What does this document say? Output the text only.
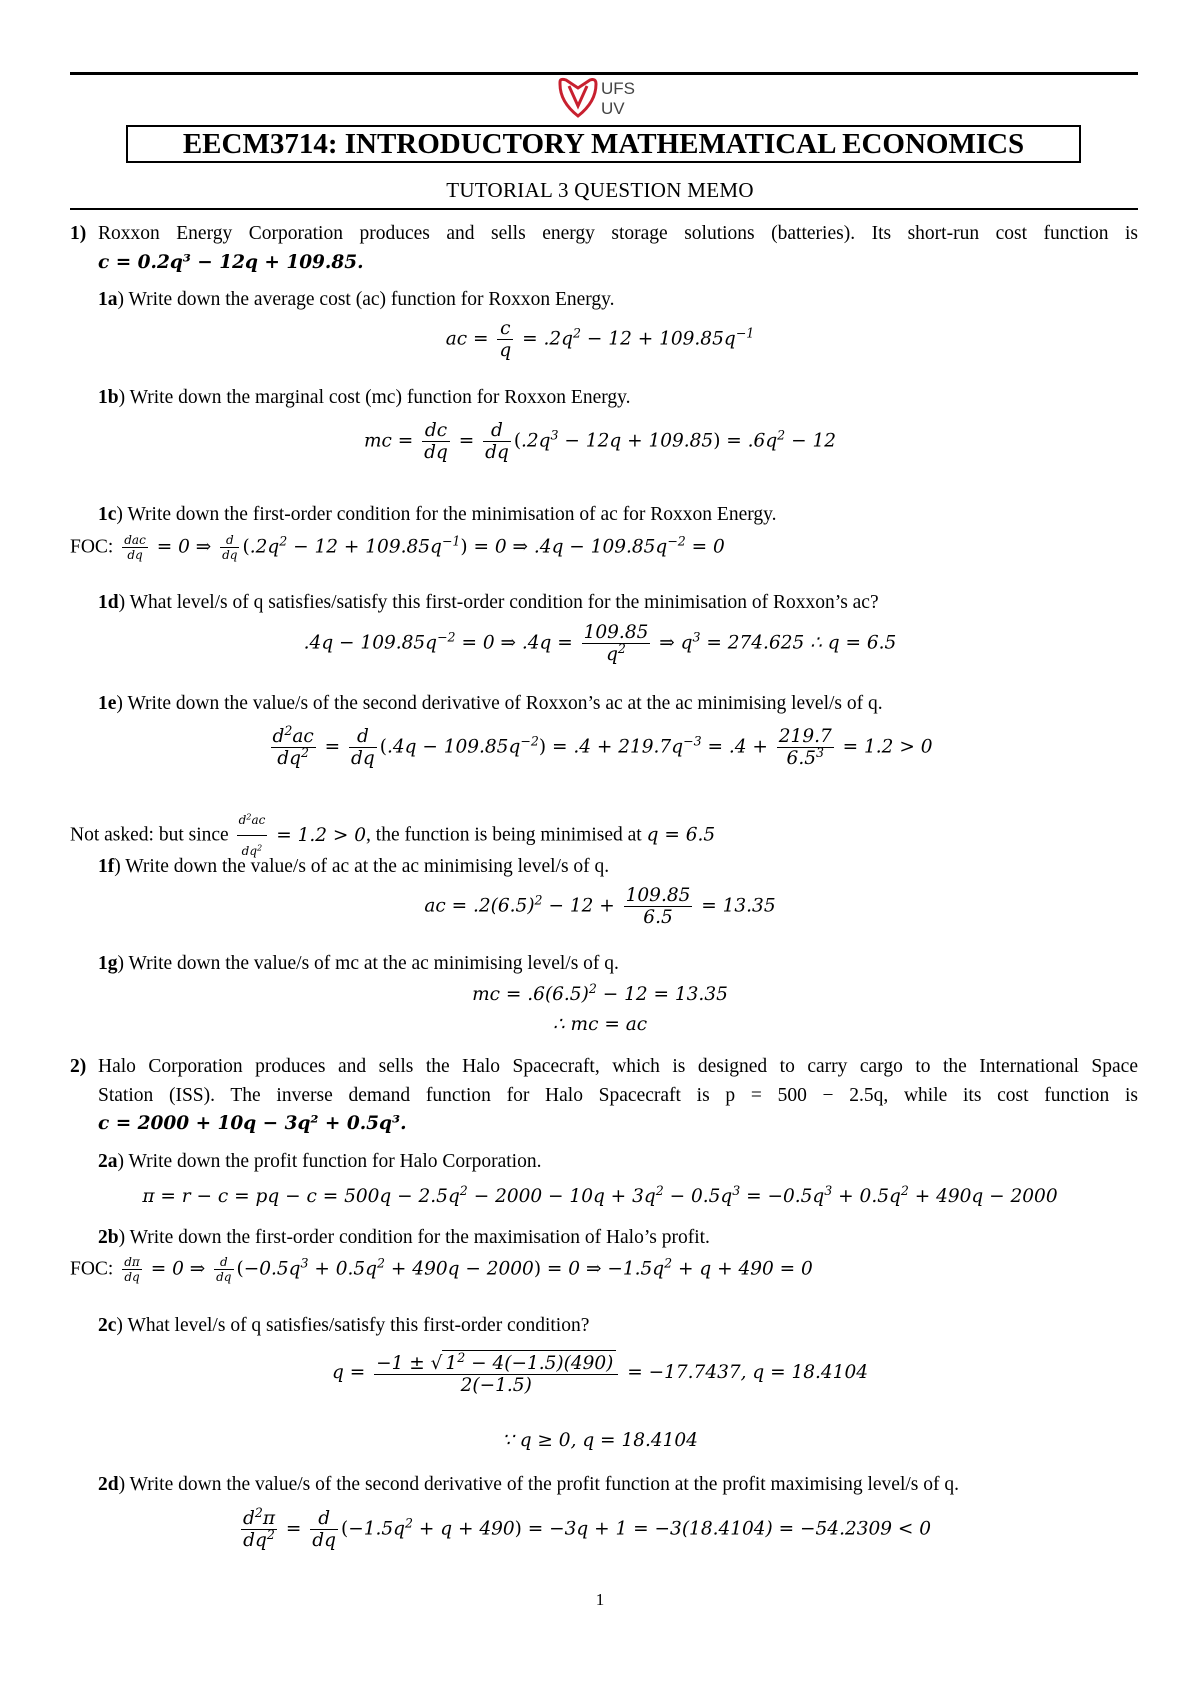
UFS
UV
EECM3714: INTRODUCTORY MATHEMATICAL ECONOMICS
TUTORIAL 3 QUESTION MEMO
1) Roxxon Energy Corporation produces and sells energy storage solutions (batteries). Its short-run cost function is
c = 0.2q³ − 12q + 109.85.
1a) Write down the average cost (ac) function for Roxxon Energy.
ac = $\frac{c}{q} = .2q^2 - 12 + 109.85q^{-1}$
1b) Write down the marginal cost (mc) function for Roxxon Energy.
mc = $\frac{dc}{dq} = \frac{d}{dq} (.2q^3 - 12q + 109.85) = .6q^2 - 12$
1c) Write down the first-order condition for the minimisation of ac for Roxxon Energy.
FOC: $\frac{\text{dac}}{dq} = 0$ ⇒ $\frac{d}{dq} (.2q^2 - 12 + 109.85q^{-1}) = 0$ ⇒ $.4q - 109.85q^{-2} = 0$
1d) What level/s of q satisfies/satisfy this first-order condition for the minimisation of Roxxon’s ac?
$.4q - 109.85q^{-2} = 0$ ⇒ $.4q = \frac{109.85}{q^2}$ ⇒ $q^3 = 274.625$ ∴ q = 6.5
1e) Write down the value/s of the second derivative of Roxxon’s ac at the ac minimising level/s of q.
$\frac{d^2ac}{dq^2} = \frac{d}{dq} (.4q - 109.85q^{-2}) = .4 + 219.7q^{-3} = .4 + \frac{219.7}{6.5^3} = 1.2 > 0$
Not asked: but since $\frac{d^2ac}{dq^2} = 1.2 > 0$, the function is being minimised at q = 6.5
1f) Write down the value/s of ac at the ac minimising level/s of q.
ac = $.2(6.5)^2 - 12 + \frac{109.85}{6.5} = 13.35$
1g) Write down the value/s of mc at the ac minimising level/s of q.
mc = $.6(6.5)^2 - 12 = 13.35$
∴ mc = ac
2) Halo Corporation produces and sells the Halo Spacecraft, which is designed to carry cargo to the International Space
Station (ISS). The inverse demand function for Halo Spacecraft is p = 500 − 2.5q, while its cost function is
c = 2000 + 10q − 3q² + 0.5q³.
2a) Write down the profit function for Halo Corporation.
π = r − c = pq − $c = 500q - 2.5q^2 - 2000 - 10q + 3q^2 - 0.5q^3 = -0.5q^3 + 0.5q^2 + 490q - 2000$
2b) Write down the first-order condition for the maximisation of Halo’s profit.
FOC: $\frac{d\pi}{dq} = 0$ ⇒ $\frac{d}{dq} (-0.5q^3 + 0.5q^2 + 490q - 2000) = 0$ ⇒ $-1.5q^2 + q + 490 = 0$
2c) What level/s of q satisfies/satisfy this first-order condition?
$q = \frac{-1 \pm √ 1^2 - 4(-1.5)(490)}{2(-1.5)} = -17.7437$, q = 18.4104
∵ q ≥ 0, q = 18.4104
2d) Write down the value/s of the second derivative of the profit function at the profit maximising level/s of q.
$\frac{d^2\pi}{dq^2} = \frac{d}{dq} (-1.5q^2 + q + 490) = -3q + 1 = -3(18.4104) = -54.2309 < 0$
1
